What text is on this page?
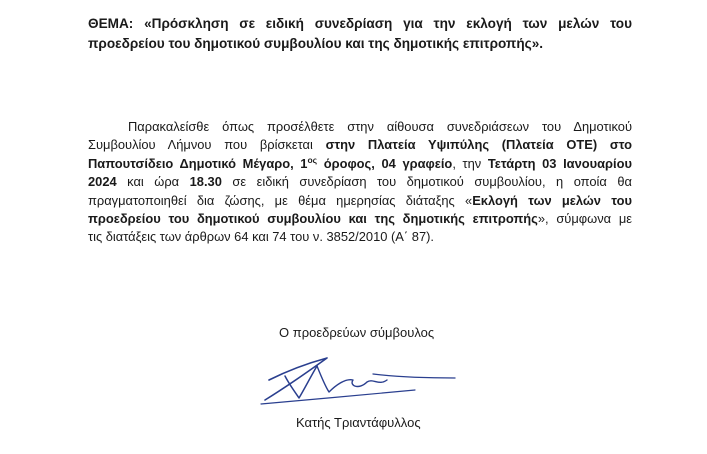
ΘΕΜΑ: «Πρόσκληση σε ειδική συνεδρίαση για την εκλογή των μελών του
προεδρείου του δημοτικού συμβουλίου και της δημοτικής επιτροπής».
Παρακαλείσθε όπως προσέλθετε στην αίθουσα συνεδριάσεων του Δημοτικού
Συμβουλίου Λήμνου που βρίσκεται στην Πλατεία Υψιπύλης (Πλατεία ΟΤΕ) στο
Παπουτσίδειο Δημοτικό Μέγαρο, $1^{o\varsigma}$ όροφος, 04 γραφείο, την Τετάρτη 03 Ιανουαρίου
2024 και ώρα 18.30 σε ειδική συνεδρίαση του δημοτικού συμβουλίου, η οποία θα
πραγματοποιηθεί δια ζώσης, με θέμα ημερησίας διάταξης «Εκλογή των μελών του
προεδρείου του δημοτικού συμβουλίου και της δημοτικής επιτροπής», σύμφωνα με
τις διατάξεις των άρθρων 64 και 74 του ν. 3852/2010 (Α΄ 87).
Ο προεδρεύων σύμβουλος
Κατής Τριαντάφυλλος
